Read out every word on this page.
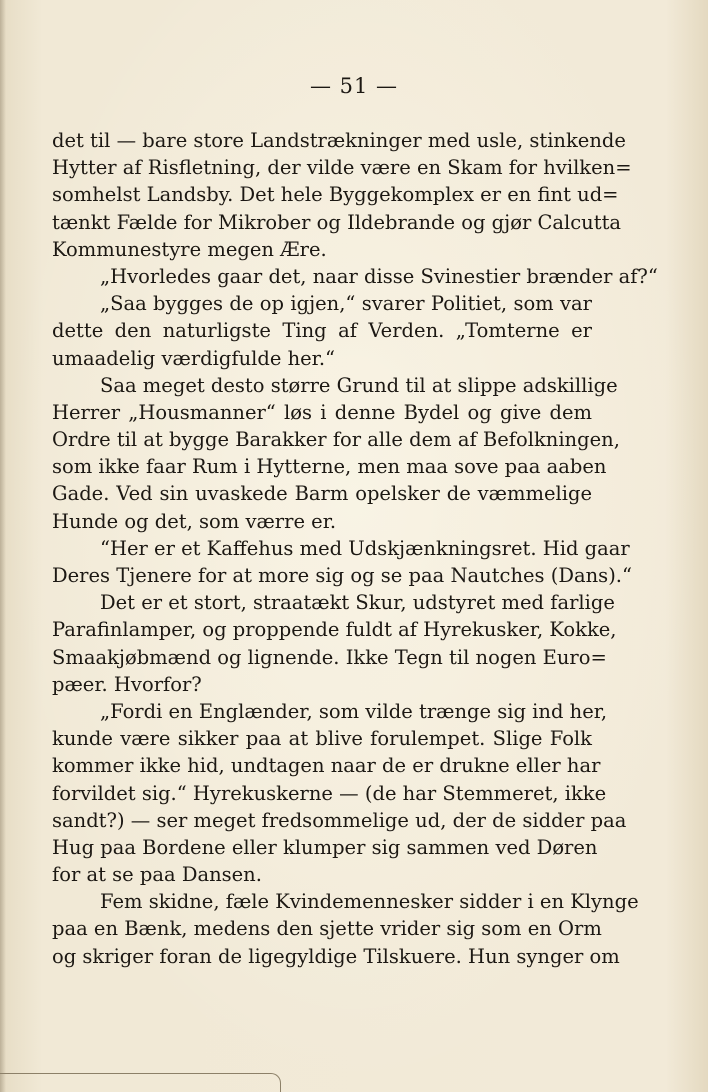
— 51 —
det til — bare store Landstrækninger med usle, stinkende
Hytter af Risfletning, der vilde være en Skam for hvilken=
somhelst Landsby. Det hele Byggekomplex er en fint ud=
tænkt Fælde for Mikrober og Ildebrande og gjør Calcutta
Kommunestyre megen Ære.
„Hvorledes gaar det, naar disse Svinestier brænder af?“
„Saa bygges de op igjen,“ svarer Politiet, som var
dette den naturligste Ting af Verden. „Tomterne er
umaadelig værdigfulde her.“
Saa meget desto større Grund til at slippe adskillige
Herrer „Housmanner“ løs i denne Bydel og give dem
Ordre til at bygge Barakker for alle dem af Befolkningen,
som ikke faar Rum i Hytterne, men maa sove paa aaben
Gade. Ved sin uvaskede Barm opelsker de væmmelige
Hunde og det, som værre er.
“Her er et Kaffehus med Udskjænkningsret. Hid gaar
Deres Tjenere for at more sig og se paa Nautches (Dans).“
Det er et stort, straatækt Skur, udstyret med farlige
Parafinlamper, og proppende fuldt af Hyrekusker, Kokke,
Smaakjøbmænd og lignende. Ikke Tegn til nogen Euro=
pæer. Hvorfor?
„Fordi en Englænder, som vilde trænge sig ind her,
kunde være sikker paa at blive forulempet. Slige Folk
kommer ikke hid, undtagen naar de er drukne eller har
forvildet sig.“ Hyrekuskerne — (de har Stemmeret, ikke
sandt?) — ser meget fredsommelige ud, der de sidder paa
Hug paa Bordene eller klumper sig sammen ved Døren
for at se paa Dansen.
Fem skidne, fæle Kvindemennesker sidder i en Klynge
paa en Bænk, medens den sjette vrider sig som en Orm
og skriger foran de ligegyldige Tilskuere. Hun synger om
